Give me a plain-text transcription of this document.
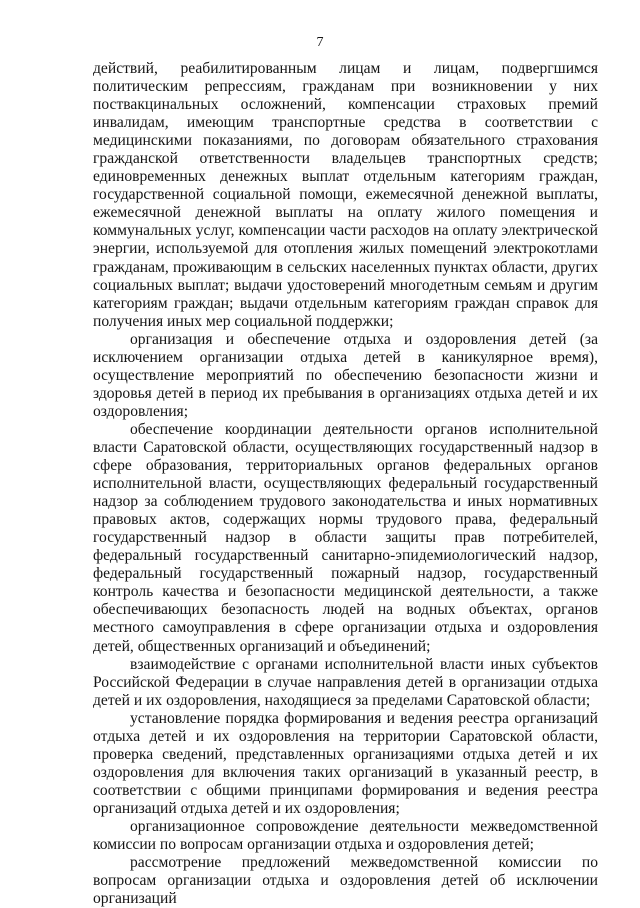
7

действий, реабилитированным лицам и лицам, подвергшимся политическим репрессиям, гражданам при возникновении у них поствакцинальных осложнений, компенсации страховых премий инвалидам, имеющим транспортные средства в соответствии с медицинскими показаниями, по договорам обязательного страхования гражданской ответственности владельцев транспортных средств; единовременных денежных выплат отдельным категориям граждан, государственной социальной помощи, ежемесячной денежной выплаты, ежемесячной денежной выплаты на оплату жилого помещения и коммунальных услуг, компенсации части расходов на оплату электрической энергии, используемой для отопления жилых помещений электрокотлами гражданам, проживающим в сельских населенных пунктах области, других социальных выплат; выдачи удостоверений многодетным семьям и другим категориям граждан; выдачи отдельным категориям граждан справок для получения иных мер социальной поддержки;

организация и обеспечение отдыха и оздоровления детей (за исключением организации отдыха детей в каникулярное время), осуществление мероприятий по обеспечению безопасности жизни и здоровья детей в период их пребывания в организациях отдыха детей и их оздоровления;

обеспечение координации деятельности органов исполнительной власти Саратовской области, осуществляющих государственный надзор в сфере образования, территориальных органов федеральных органов исполнительной власти, осуществляющих федеральный государственный надзор за соблюдением трудового законодательства и иных нормативных правовых актов, содержащих нормы трудового права, федеральный государственный надзор в области защиты прав потребителей, федеральный государственный санитарно-эпидемиологический надзор, федеральный государственный пожарный надзор, государственный контроль качества и безопасности медицинской деятельности, а также обеспечивающих безопасность людей на водных объектах, органов местного самоуправления в сфере организации отдыха и оздоровления детей, общественных организаций и объединений;

взаимодействие с органами исполнительной власти иных субъектов Российской Федерации в случае направления детей в организации отдыха детей и их оздоровления, находящиеся за пределами Саратовской области;

установление порядка формирования и ведения реестра организаций отдыха детей и их оздоровления на территории Саратовской области, проверка сведений, представленных организациями отдыха детей и их оздоровления для включения таких организаций в указанный реестр, в соответствии с общими принципами формирования и ведения реестра организаций отдыха детей и их оздоровления;

организационное сопровождение деятельности межведомственной комиссии по вопросам организации отдыха и оздоровления детей;

рассмотрение предложений межведомственной комиссии по вопросам организации отдыха и оздоровления детей об исключении организаций
